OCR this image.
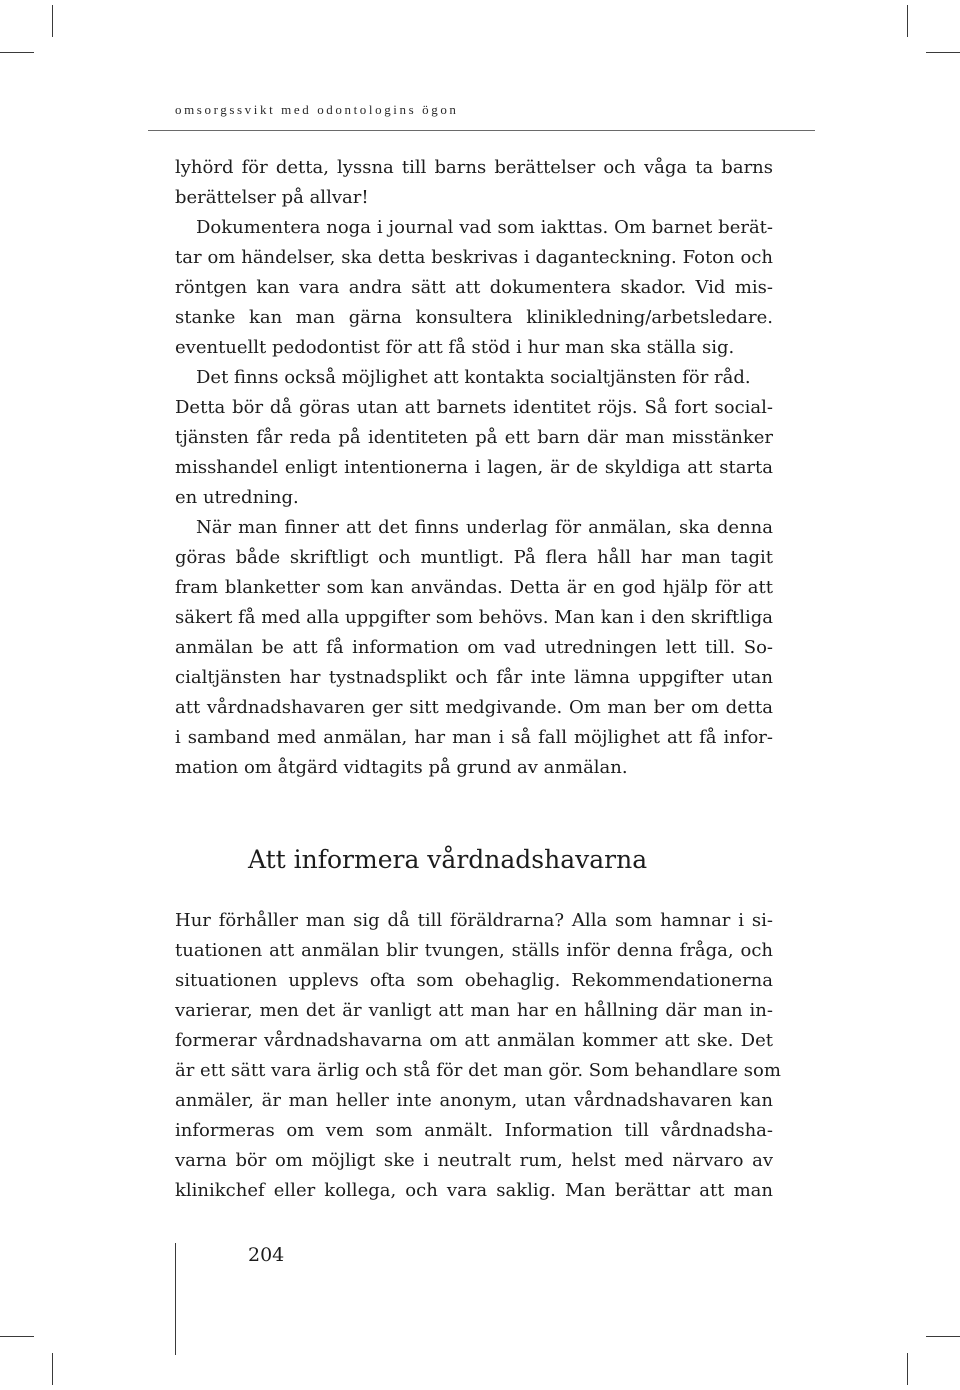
omsorgssvikt med odontologins ögon
lyhörd för detta, lyssna till barns berättelser och våga ta barns
berättelser på allvar!
Dokumentera noga i journal vad som iakttas. Om barnet berät-
tar om händelser, ska detta beskrivas i daganteckning. Foton och
röntgen kan vara andra sätt att dokumentera skador. Vid mis-
stanke kan man gärna konsultera klinikledning/arbetsledare.
eventuellt pedodontist för att få stöd i hur man ska ställa sig.
Det finns också möjlighet att kontakta socialtjänsten för råd.
Detta bör då göras utan att barnets identitet röjs. Så fort social-
tjänsten får reda på identiteten på ett barn där man misstänker
misshandel enligt intentionerna i lagen, är de skyldiga att starta
en utredning.
När man finner att det finns underlag för anmälan, ska denna
göras både skriftligt och muntligt. På flera håll har man tagit
fram blanketter som kan användas. Detta är en god hjälp för att
säkert få med alla uppgifter som behövs. Man kan i den skriftliga
anmälan be att få information om vad utredningen lett till. So-
cialtjänsten har tystnadsplikt och får inte lämna uppgifter utan
att vårdnadshavaren ger sitt medgivande. Om man ber om detta
i samband med anmälan, har man i så fall möjlighet att få infor-
mation om åtgärd vidtagits på grund av anmälan.
Att informera vårdnadshavarna
Hur förhåller man sig då till föräldrarna? Alla som hamnar i si-
tuationen att anmälan blir tvungen, ställs inför denna fråga, och
situationen upplevs ofta som obehaglig. Rekommendationerna
varierar, men det är vanligt att man har en hållning där man in-
formerar vårdnadshavarna om att anmälan kommer att ske. Det
är ett sätt vara ärlig och stå för det man gör. Som behandlare som
anmäler, är man heller inte anonym, utan vårdnadshavaren kan
informeras om vem som anmält. Information till vårdnadsha-
varna bör om möjligt ske i neutralt rum, helst med närvaro av
klinikchef eller kollega, och vara saklig. Man berättar att man
204
